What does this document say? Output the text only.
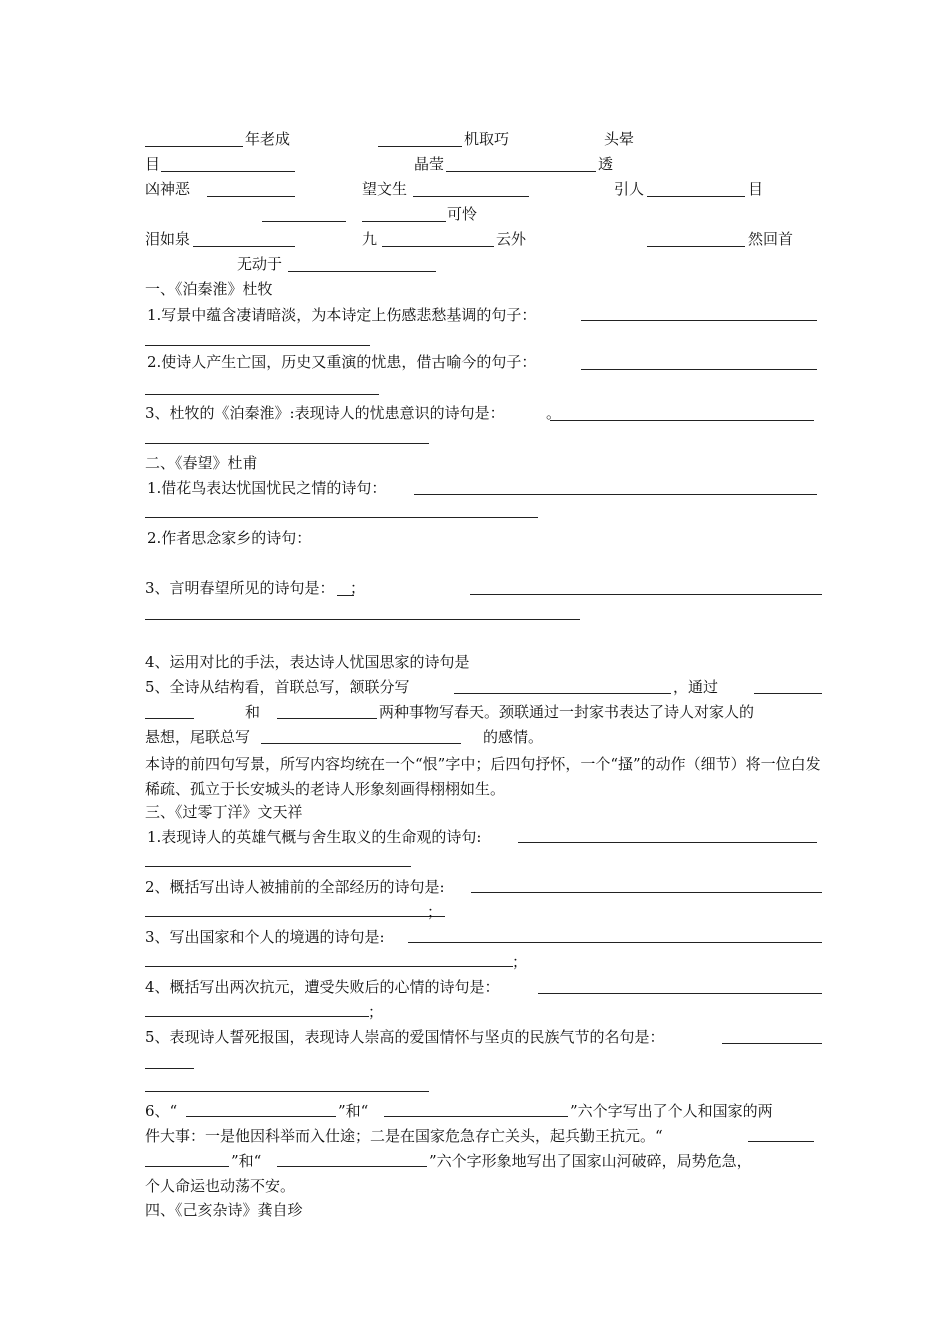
年老成	机取巧	头晕
目	晶莹	透
凶神恶	望文生	引人	目
可怜
泪如泉	九	云外	然回首
无动于
一、《泊秦淮》杜牧
1.写景中蕴含凄请暗淡，为本诗定上伤感悲愁基调的句子：
2.使诗人产生亡国，历史又重演的忧患，借古喻今的句子：
3、杜牧的《泊秦淮》:表现诗人的忧患意识的诗句是：	。
二、《春望》杜甫
1.借花鸟表达忧国忧民之情的诗句：
2.作者思念家乡的诗句：
3、言明春望所见的诗句是： ；
4、运用对比的手法，表达诗人忧国思家的诗句是
5、全诗从结构看，首联总写，颔联分写	，通过
和	两种事物写春天。颈联通过一封家书表达了诗人对家人的
悬想，尾联总写	的感情。
本诗的前四句写景，所写内容均统在一个“恨”字中；后四句抒怀，一个“搔”的动作（细节）将一位白发稀疏、孤立于长安城头的老诗人形象刻画得栩栩如生。
三、《过零丁洋》文天祥
1.表现诗人的英雄气概与舍生取义的生命观的诗句:
2、概括写出诗人被捕前的全部经历的诗句是:
；
3、写出国家和个人的境遇的诗句是:
；
4、概括写出两次抗元，遭受失败后的心情的诗句是：
；
5、表现诗人誓死报国，表现诗人崇高的爱国情怀与坚贞的民族气节的名句是：
6、“	”和“	”六个字写出了个人和国家的两
件大事：一是他因科举而入仕途；二是在国家危急存亡关头，起兵勤王抗元。“
”和“	”六个字形象地写出了国家山河破碎，局势危急，
个人命运也动荡不安。
四、《己亥杂诗》龚自珍
